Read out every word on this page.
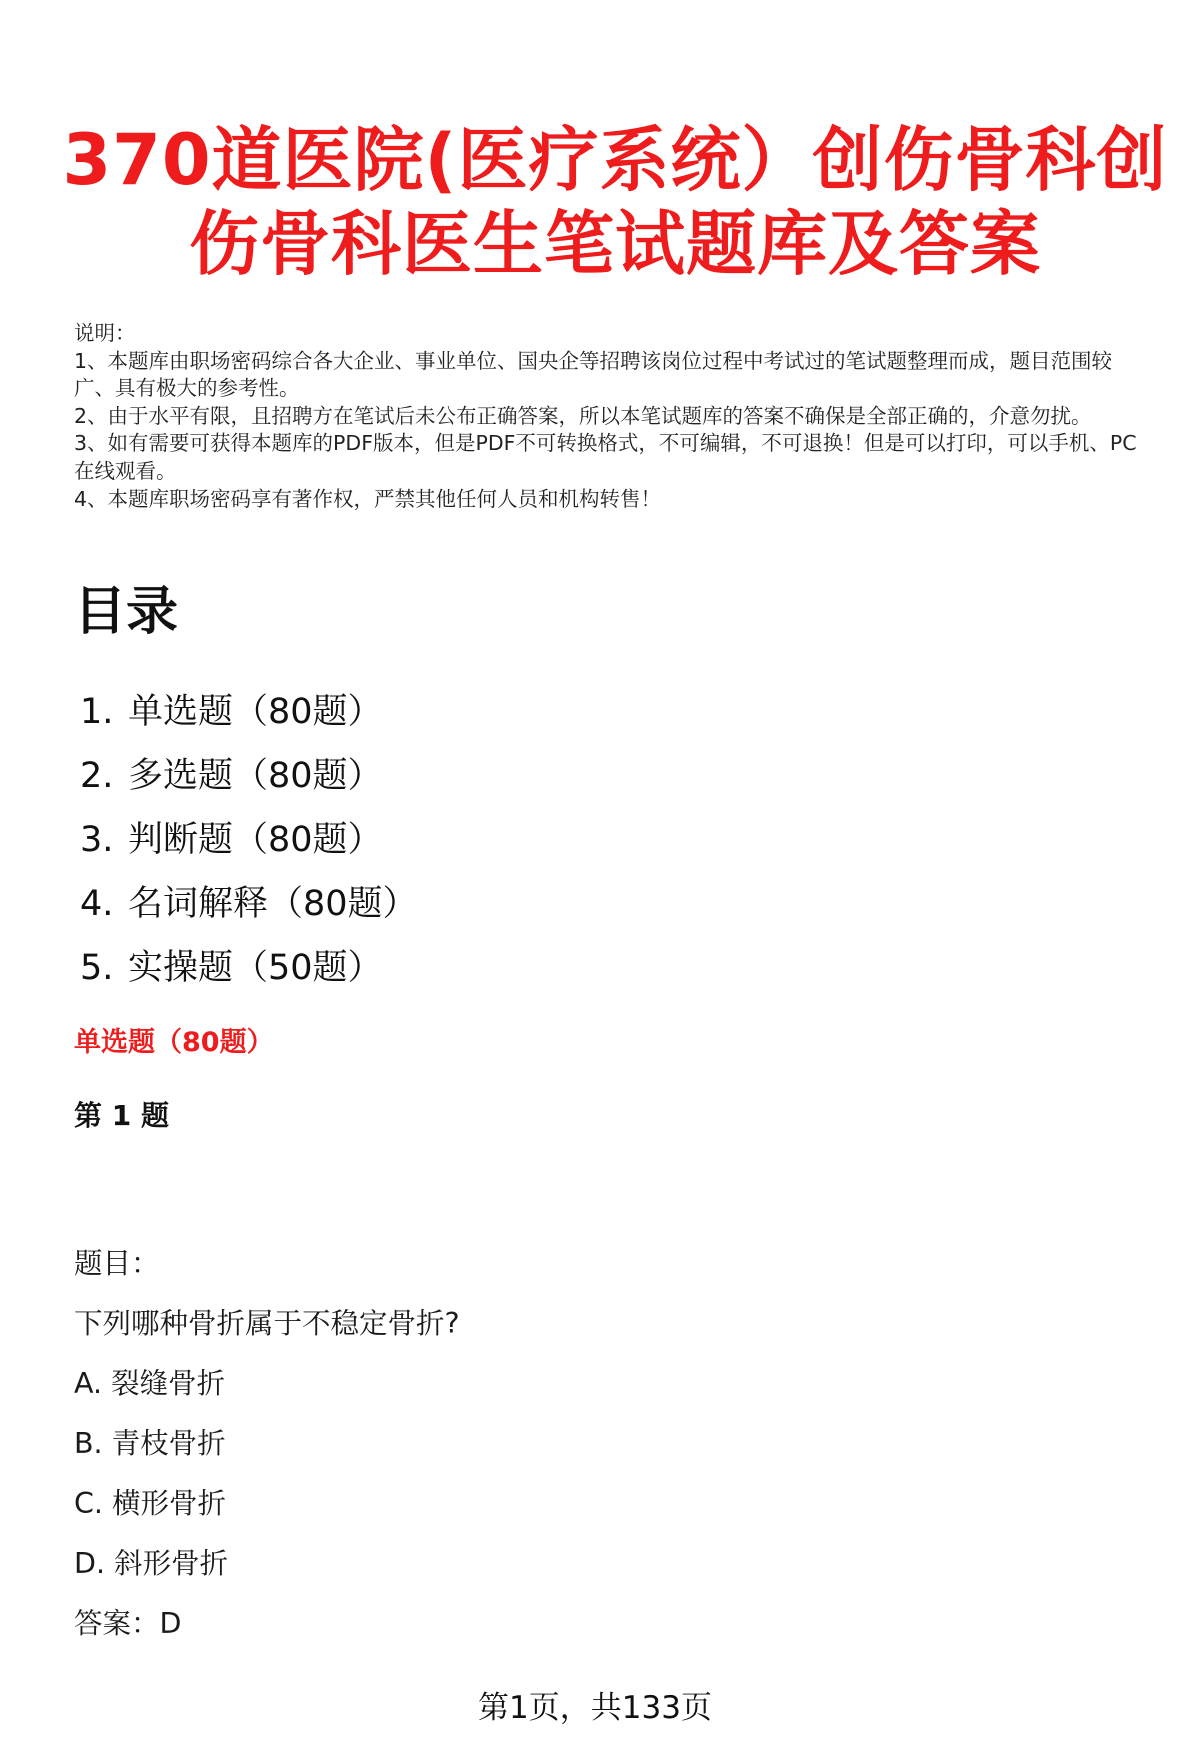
370道医院(医疗系统）创伤骨科创伤骨科医生笔试题库及答案

说明：

1、本题库由职场密码综合各大企业、事业单位、国央企等招聘该岗位过程中考试过的笔试题整理而成，题目范围较广、具有极大的参考性。

2、由于水平有限，且招聘方在笔试后未公布正确答案，所以本笔试题库的答案不确保是全部正确的，介意勿扰。

3、如有需要可获得本题库的PDF版本，但是PDF不可转换格式，不可编辑，不可退换！但是可以打印，可以手机、PC在线观看。

4、本题库职场密码享有著作权，严禁其他任何人员和机构转售！

目录
1. 单选题（80题）
2. 多选题（80题）
3. 判断题（80题）
4. 名词解释（80题）
5. 实操题（50题）
单选题（80题）
第 1 题

题目：

下列哪种骨折属于不稳定骨折?

A. 裂缝骨折

B. 青枝骨折

C. 横形骨折

D. 斜形骨折

答案：D

第1页，共133页
